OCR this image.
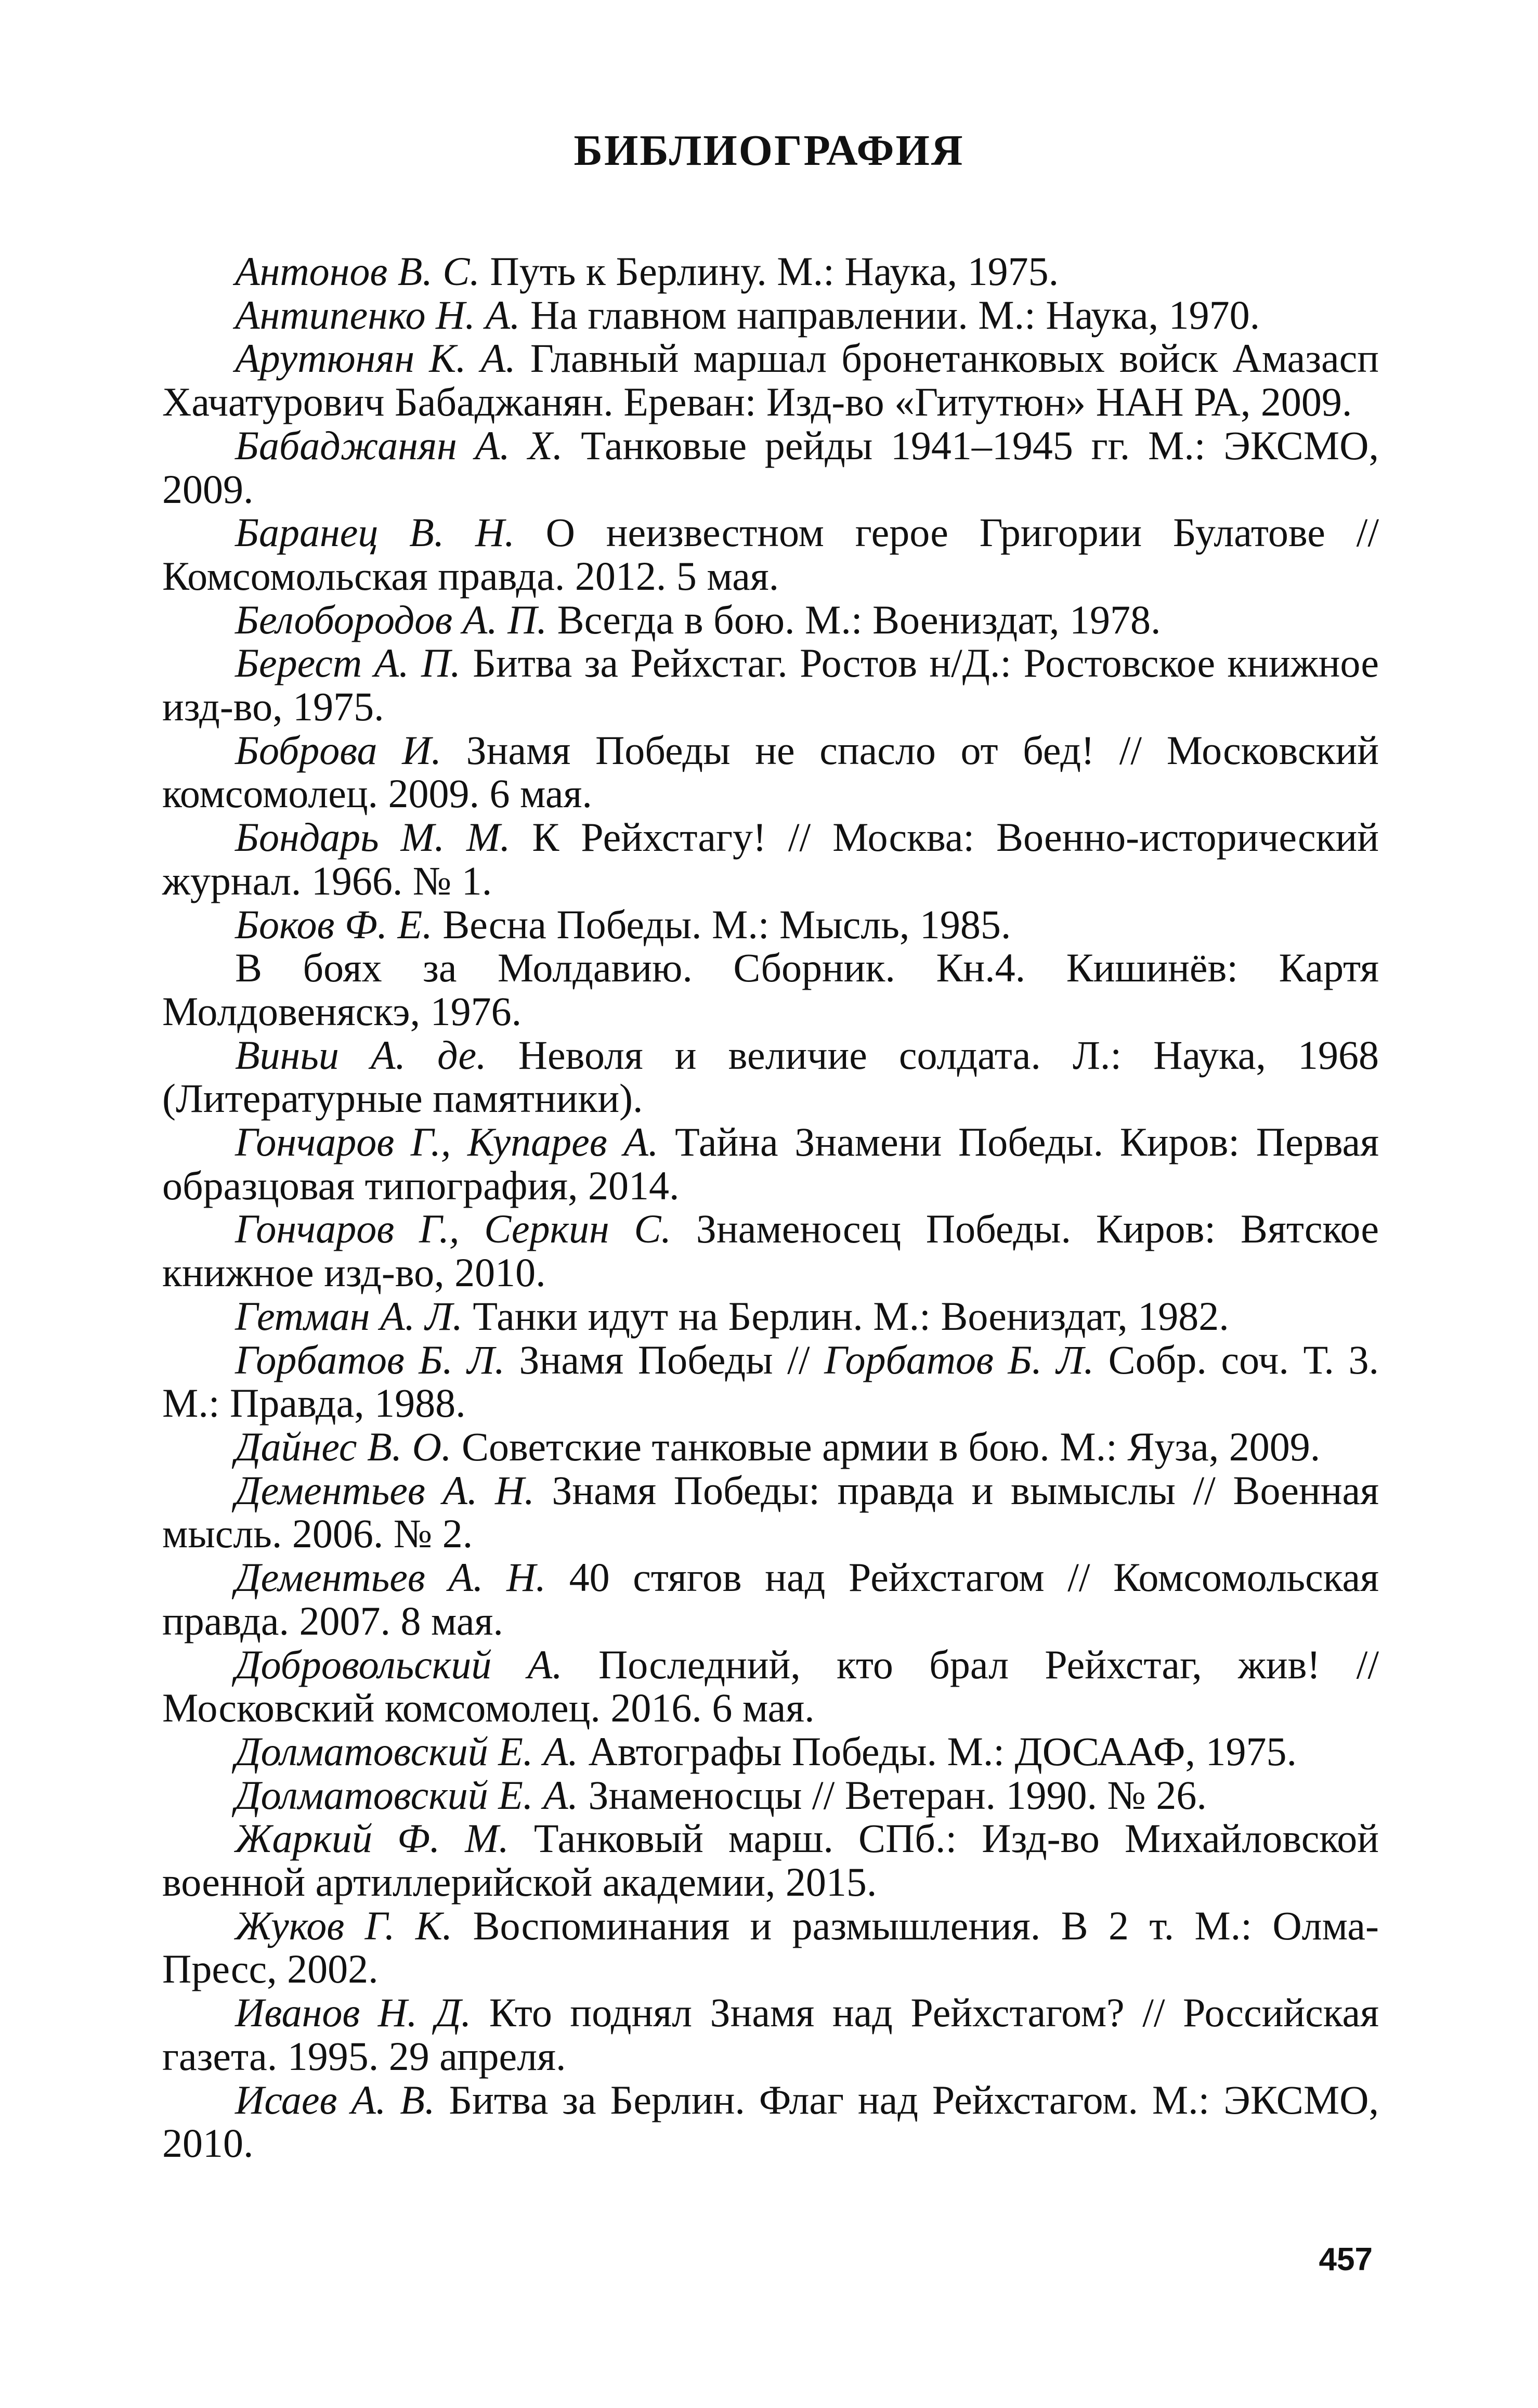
БИБЛИОГРАФИЯ
Антонов В. С. Путь к Берлину. М.: Наука, 1975.
Антипенко Н. А. На главном направлении. М.: Наука, 1970.
Арутюнян К. А. Главный маршал бронетанковых войск Амазасп Хачатурович Бабаджанян. Ереван: Изд-во «Гитутюн» НАН РА, 2009.
Бабаджанян А. Х. Танковые рейды 1941–1945 гг. М.: ЭКСМО, 2009.
Баранец В. Н. О неизвестном герое Григории Булатове // Комсомольская правда. 2012. 5 мая.
Белобородов А. П. Всегда в бою. М.: Воениздат, 1978.
Берест А. П. Битва за Рейхстаг. Ростов н/Д.: Ростовское книжное изд-во, 1975.
Боброва И. Знамя Победы не спасло от бед! // Московский комсомолец. 2009. 6 мая.
Бондарь М. М. К Рейхстагу! // Москва: Военно-исторический журнал. 1966. № 1.
Боков Ф. Е. Весна Победы. М.: Мысль, 1985.
В боях за Молдавию. Сборник. Кн.4. Кишинёв: Картя Молдовеняскэ, 1976.
Виньи А. де. Неволя и величие солдата. Л.: Наука, 1968 (Литературные памятники).
Гончаров Г., Купарев А. Тайна Знамени Победы. Киров: Первая образцовая типография, 2014.
Гончаров Г., Серкин С. Знаменосец Победы. Киров: Вятское книжное изд-во, 2010.
Гетман А. Л. Танки идут на Берлин. М.: Воениздат, 1982.
Горбатов Б. Л. Знамя Победы // Горбатов Б. Л. Собр. соч. Т. 3. М.: Правда, 1988.
Дайнес В. О. Советские танковые армии в бою. М.: Яуза, 2009.
Дементьев А. Н. Знамя Победы: правда и вымыслы // Военная мысль. 2006. № 2.
Дементьев А. Н. 40 стягов над Рейхстагом // Комсомольская правда. 2007. 8 мая.
Добровольский А. Последний, кто брал Рейхстаг, жив! // Московский комсомолец. 2016. 6 мая.
Долматовский Е. А. Автографы Победы. М.: ДОСААФ, 1975.
Долматовский Е. А. Знаменосцы // Ветеран. 1990. № 26.
Жаркий Ф. М. Танковый марш. СПб.: Изд-во Михайловской военной артиллерийской академии, 2015.
Жуков Г. К. Воспоминания и размышления. В 2 т. М.: Олма-Пресс, 2002.
Иванов Н. Д. Кто поднял Знамя над Рейхстагом? // Российская газета. 1995. 29 апреля.
Исаев А. В. Битва за Берлин. Флаг над Рейхстагом. М.: ЭКСМО, 2010.

457
